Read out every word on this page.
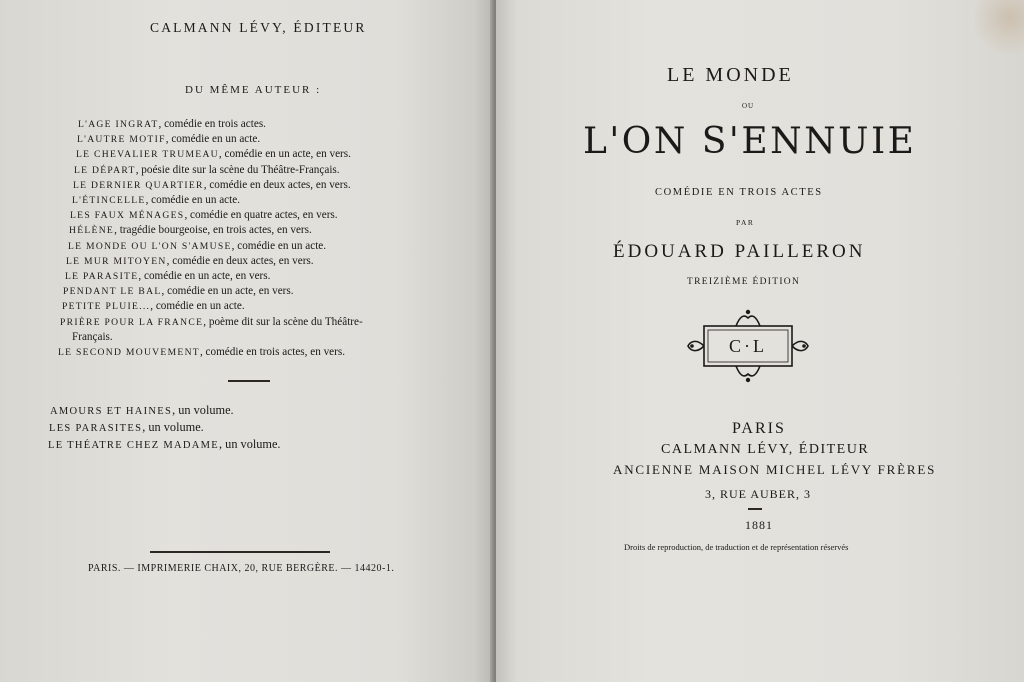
CALMANN LÉVY, ÉDITEUR
DU MÊME AUTEUR :
L'AGE INGRAT, comédie en trois actes.
L'AUTRE MOTIF, comédie en un acte.
LE CHEVALIER TRUMEAU, comédie en un acte, en vers.
LE DÉPART, poésie dite sur la scène du Théâtre-Français.
LE DERNIER QUARTIER, comédie en deux actes, en vers.
L'ÉTINCELLE, comédie en un acte.
LES FAUX MÉNAGES, comédie en quatre actes, en vers.
HÉLÈNE, tragédie bourgeoise, en trois actes, en vers.
LE MONDE OU L'ON S'AMUSE, comédie en un acte.
LE MUR MITOYEN, comédie en deux actes, en vers.
LE PARASITE, comédie en un acte, en vers.
PENDANT LE BAL, comédie en un acte, en vers.
PETITE PLUIE..., comédie en un acte.
PRIÈRE POUR LA FRANCE, poème dit sur la scène du Théâtre-
Français.
LE SECOND MOUVEMENT, comédie en trois actes, en vers.
AMOURS ET HAINES, un volume.
LES PARASITES, un volume.
LE THÉATRE CHEZ MADAME, un volume.
PARIS. — IMPRIMERIE CHAIX, 20, RUE BERGÈRE. — 14420-1.
LE MONDE
OU
L'ON S'ENNUIE
COMÉDIE EN TROIS ACTES
PAR
ÉDOUARD PAILLERON
TREIZIÈME ÉDITION
C·L
PARIS
CALMANN LÉVY, ÉDITEUR
ANCIENNE MAISON MICHEL LÉVY FRÈRES
3, RUE AUBER, 3
1881
Droits de reproduction, de traduction et de représentation réservés
